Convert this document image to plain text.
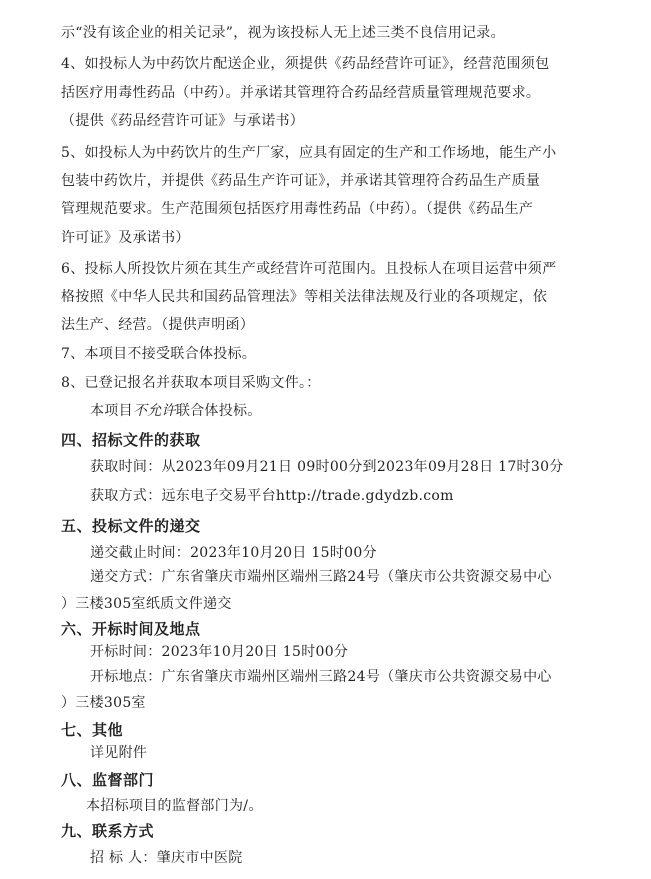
示“没有该企业的相关记录”，视为该投标人无上述三类不良信用记录。
4、如投标人为中药饮片配送企业，须提供《药品经营许可证》，经营范围须包
括医疗用毒性药品（中药）。并承诺其管理符合药品经营质量管理规范要求。
（提供《药品经营许可证》与承诺书）
5、如投标人为中药饮片的生产厂家，应具有固定的生产和工作场地，能生产小
包装中药饮片，并提供《药品生产许可证》，并承诺其管理符合药品生产质量
管理规范要求。生产范围须包括医疗用毒性药品（中药）。（提供《药品生产
许可证》及承诺书）
6、投标人所投饮片须在其生产或经营许可范围内。且投标人在项目运营中须严
格按照《中华人民共和国药品管理法》等相关法律法规及行业的各项规定，依
法生产、经营。（提供声明函）
7、本项目不接受联合体投标。
8、已登记报名并获取本项目采购文件。：
本项目不允许联合体投标。
四、招标文件的获取
获取时间：从2023年09月21日 09时00分到2023年09月28日 17时30分
获取方式：远东电子交易平台http://trade.gdydzb.com
五、投标文件的递交
递交截止时间：2023年10月20日 15时00分
递交方式：广东省肇庆市端州区端州三路24号（肇庆市公共资源交易中心
）三楼305室纸质文件递交
六、开标时间及地点
开标时间：2023年10月20日 15时00分
开标地点：广东省肇庆市端州区端州三路24号（肇庆市公共资源交易中心
）三楼305室
七、其他
详见附件
八、监督部门
本招标项目的监督部门为/。
九、联系方式
招 标 人：肇庆市中医院
